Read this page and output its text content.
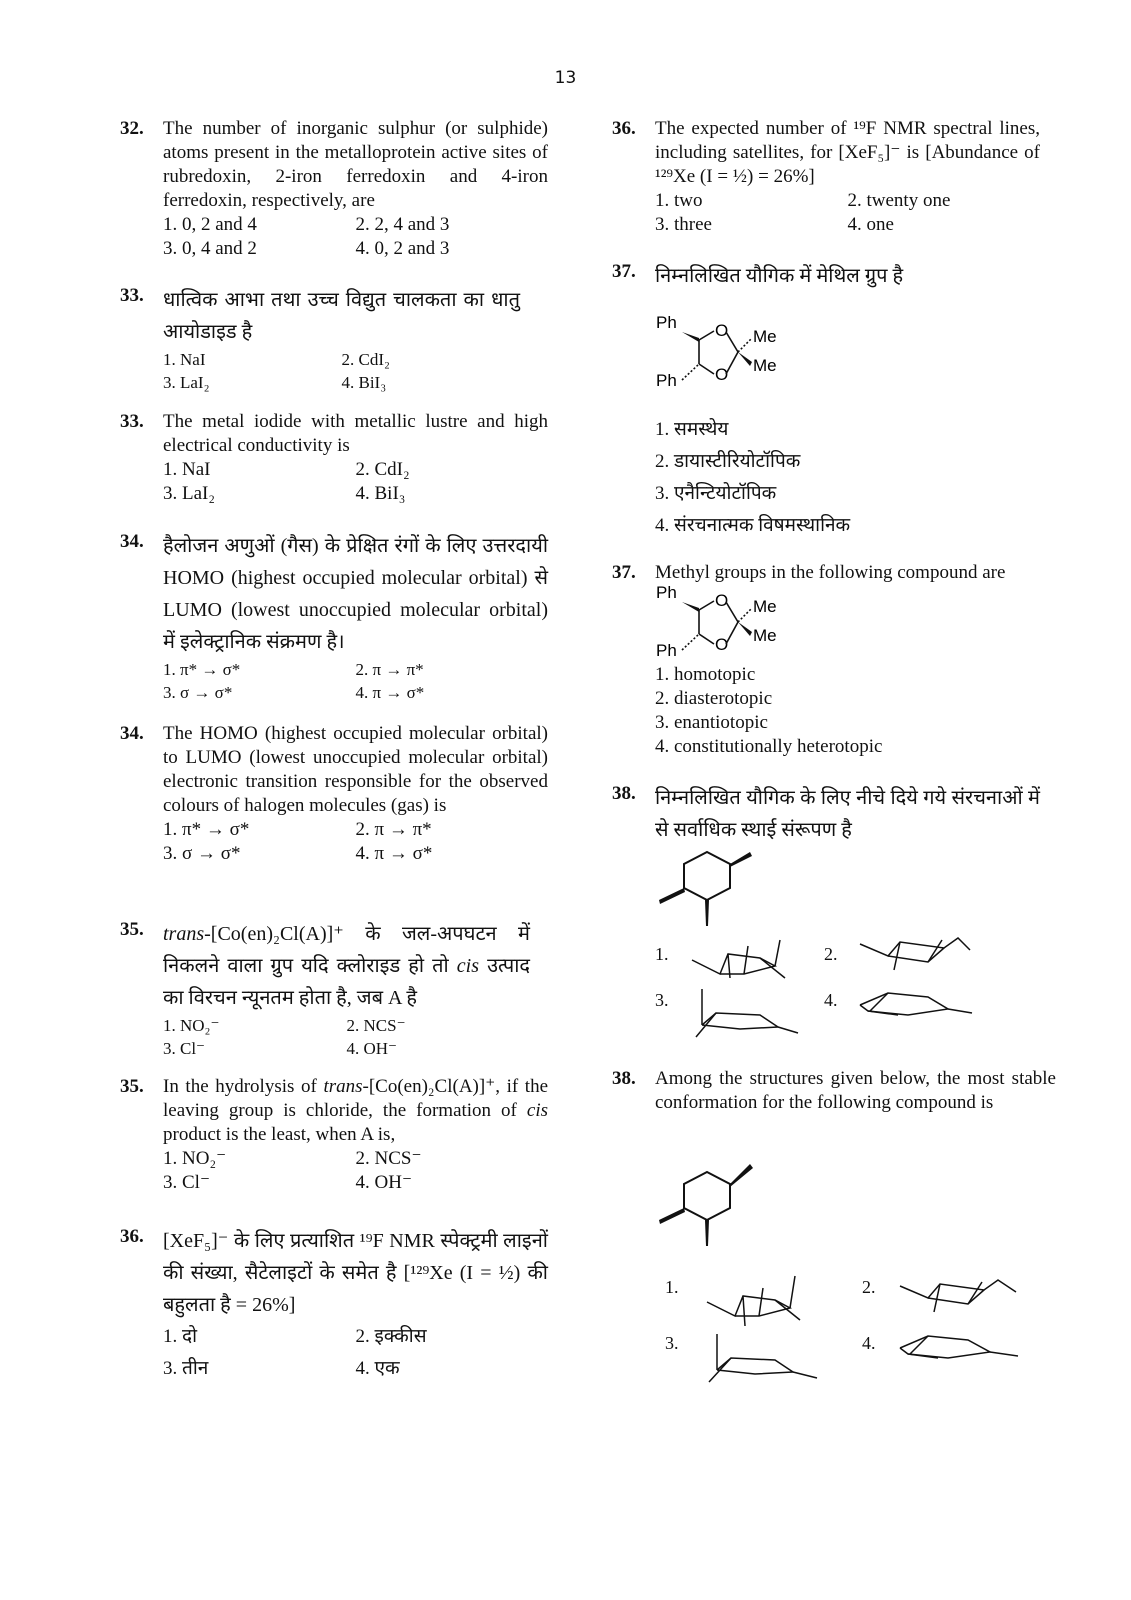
13
32. The number of inorganic sulphur (or sulphide) atoms present in the metalloprotein active sites of rubredoxin, 2-iron ferredoxin and 4-iron ferredoxin, respectively, are
1. 0, 2 and 4	2. 2, 4 and 3
3. 0, 4 and 2	4. 0, 2 and 3
33. धात्विक आभा तथा उच्च विद्युत चालकता का धातु आयोडाइड है
1. NaI	2. CdI₂
3. LaI₂	4. BiI₃
33. The metal iodide with metallic lustre and high electrical conductivity is
1. NaI	2. CdI₂
3. LaI₂	4. BiI₃
34. हैलोजन अणुओं (गैस) के प्रेक्षित रंगों के लिए उत्तरदायी HOMO (highest occupied molecular orbital) से LUMO (lowest unoccupied molecular orbital) में इलेक्ट्रानिक संक्रमण है।
1. π* → σ*	2. π → π*
3. σ → σ*	4. π → σ*
34. The HOMO (highest occupied molecular orbital) to LUMO (lowest unoccupied molecular orbital) electronic transition responsible for the observed colours of halogen molecules (gas) is
1. π* → σ*	2. π → π*
3. σ → σ*	4. π → σ*
35. trans-[Co(en)₂Cl(A)]⁺ के जल-अपघटन में निकलने वाला ग्रुप यदि क्लोराइड हो तो cis उत्पाद का विरचन न्यूनतम होता है, जब A है
1. NO₂⁻	2. NCS⁻
3. Cl⁻	4. OH⁻
35. In the hydrolysis of trans-[Co(en)₂Cl(A)]⁺, if the leaving group is chloride, the formation of cis product is the least, when A is,
1. NO₂⁻	2. NCS⁻
3. Cl⁻	4. OH⁻
36. [XeF₅]⁻ के लिए प्रत्याशित ¹⁹F NMR स्पेक्ट्रमी लाइनों की संख्या, सैटेलाइटों के समेत है [¹²⁹Xe (I = ½) की बहुलता है = 26%]
1. दो	2. इक्कीस
3. तीन	4. एक
36. The expected number of ¹⁹F NMR spectral lines, including satellites, for [XeF₅]⁻ is [Abundance of ¹²⁹Xe (I = ½) = 26%]
1. two	2. twenty one
3. three	4. one
37. निम्नलिखित यौगिक में मेथिल ग्रुप है
Ph
Ph
O
O
Me
Me
1. समस्थेय
2. डायास्टीरियोटॉपिक
3. एनैन्टियोटॉपिक
4. संरचनात्मक विषमस्थानिक
37. Methyl groups in the following compound are
Ph
Ph
O
O
Me
Me
1. homotopic
2. diasterotopic
3. enantiotopic
4. constitutionally heterotopic
38. निम्नलिखित यौगिक के लिए नीचे दिये गये संरचनाओं में से सर्वाधिक स्थाई संरूपण है
1.	2.
3.	4.
38. Among the structures given below, the most stable conformation for the following compound is
1.	2.
3.	4.
